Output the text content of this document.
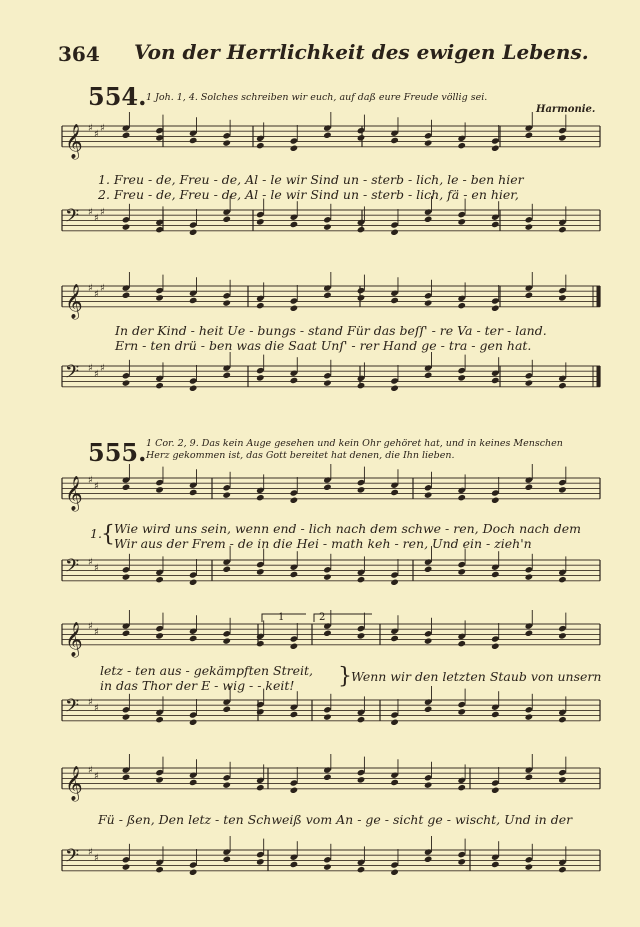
364 Von der Herrlichkeit des ewigen Lebens.
554. 1 Joh. 1, 4. Solches schreiben wir euch, auf daß eure Freude völlig sei.
Harmonie.
𝄞 ♯
♯
♯
𝄢 ♯
♯
♯
𝄞 ♯
♯
♯
𝄢 ♯
♯
♯
𝄞 ♯
♯
𝄢 ♯
♯
𝄞 ♯
♯
𝄢 ♯
♯
𝄞 ♯
♯
𝄢 ♯
♯
1. Freu - de, Freu - de, Al - le wir Sind un - sterb - lich, le - ben hier
2. Freu - de, Freu - de, Al - le wir Sind un - sterb - lich, fä - en hier,
In der Kind - heit Ue - bungs - stand Für das beſſ' - re Va - ter - land.
Ern - ten drü - ben was die Saat Unſ' - rer Hand ge - tra - gen hat.
555. 1 Cor. 2, 9. Das kein Auge gesehen und kein Ohr gehöret hat, und in keines Menschen
Herz gekommen ist, das Gott bereitet hat denen, die Ihn lieben.
1. { Wie wird uns sein, wenn end - lich nach dem schwe - ren, Doch nach dem
Wir aus der Frem - de in die Hei - math keh - ren, Und ein - zieh'n
letz - ten aus - gekämpften Streit,
in das Thor der E - wig - - keit! } Wenn wir den letzten Staub von unsern
Fü - ßen, Den letz - ten Schweiß vom An - ge - sicht ge - wischt, Und in der
1	2
